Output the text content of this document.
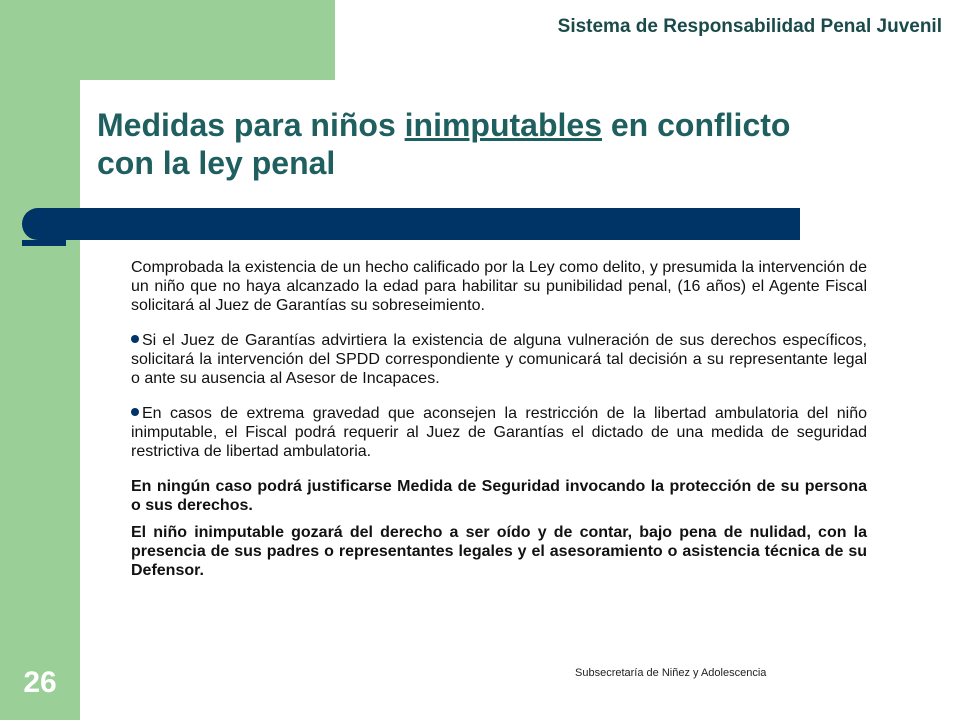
Sistema de Responsabilidad Penal Juvenil
Medidas para niños inimputables en conflicto con la ley penal

Comprobada la existencia de un hecho calificado por la Ley como delito, y presumida la intervención de un niño que no haya alcanzado la edad para habilitar su punibilidad penal, (16 años) el Agente Fiscal solicitará al Juez de Garantías su sobreseimiento.

Si el Juez de Garantías advirtiera la existencia de alguna vulneración de sus derechos específicos, solicitará la intervención del SPDD correspondiente y comunicará tal decisión a su representante legal o ante su ausencia al Asesor de Incapaces.

En casos de extrema gravedad que aconsejen la restricción de la libertad ambulatoria del niño inimputable, el Fiscal podrá requerir al Juez de Garantías el dictado de una medida de seguridad restrictiva de libertad ambulatoria.

En ningún caso podrá justificarse Medida de Seguridad invocando la protección de su persona o sus derechos.

El niño inimputable gozará del derecho a ser oído y de contar, bajo pena de nulidad, con la presencia de sus padres o representantes legales y el asesoramiento o asistencia técnica de su Defensor.

Subsecretaría de Niñez y Adolescencia
26
